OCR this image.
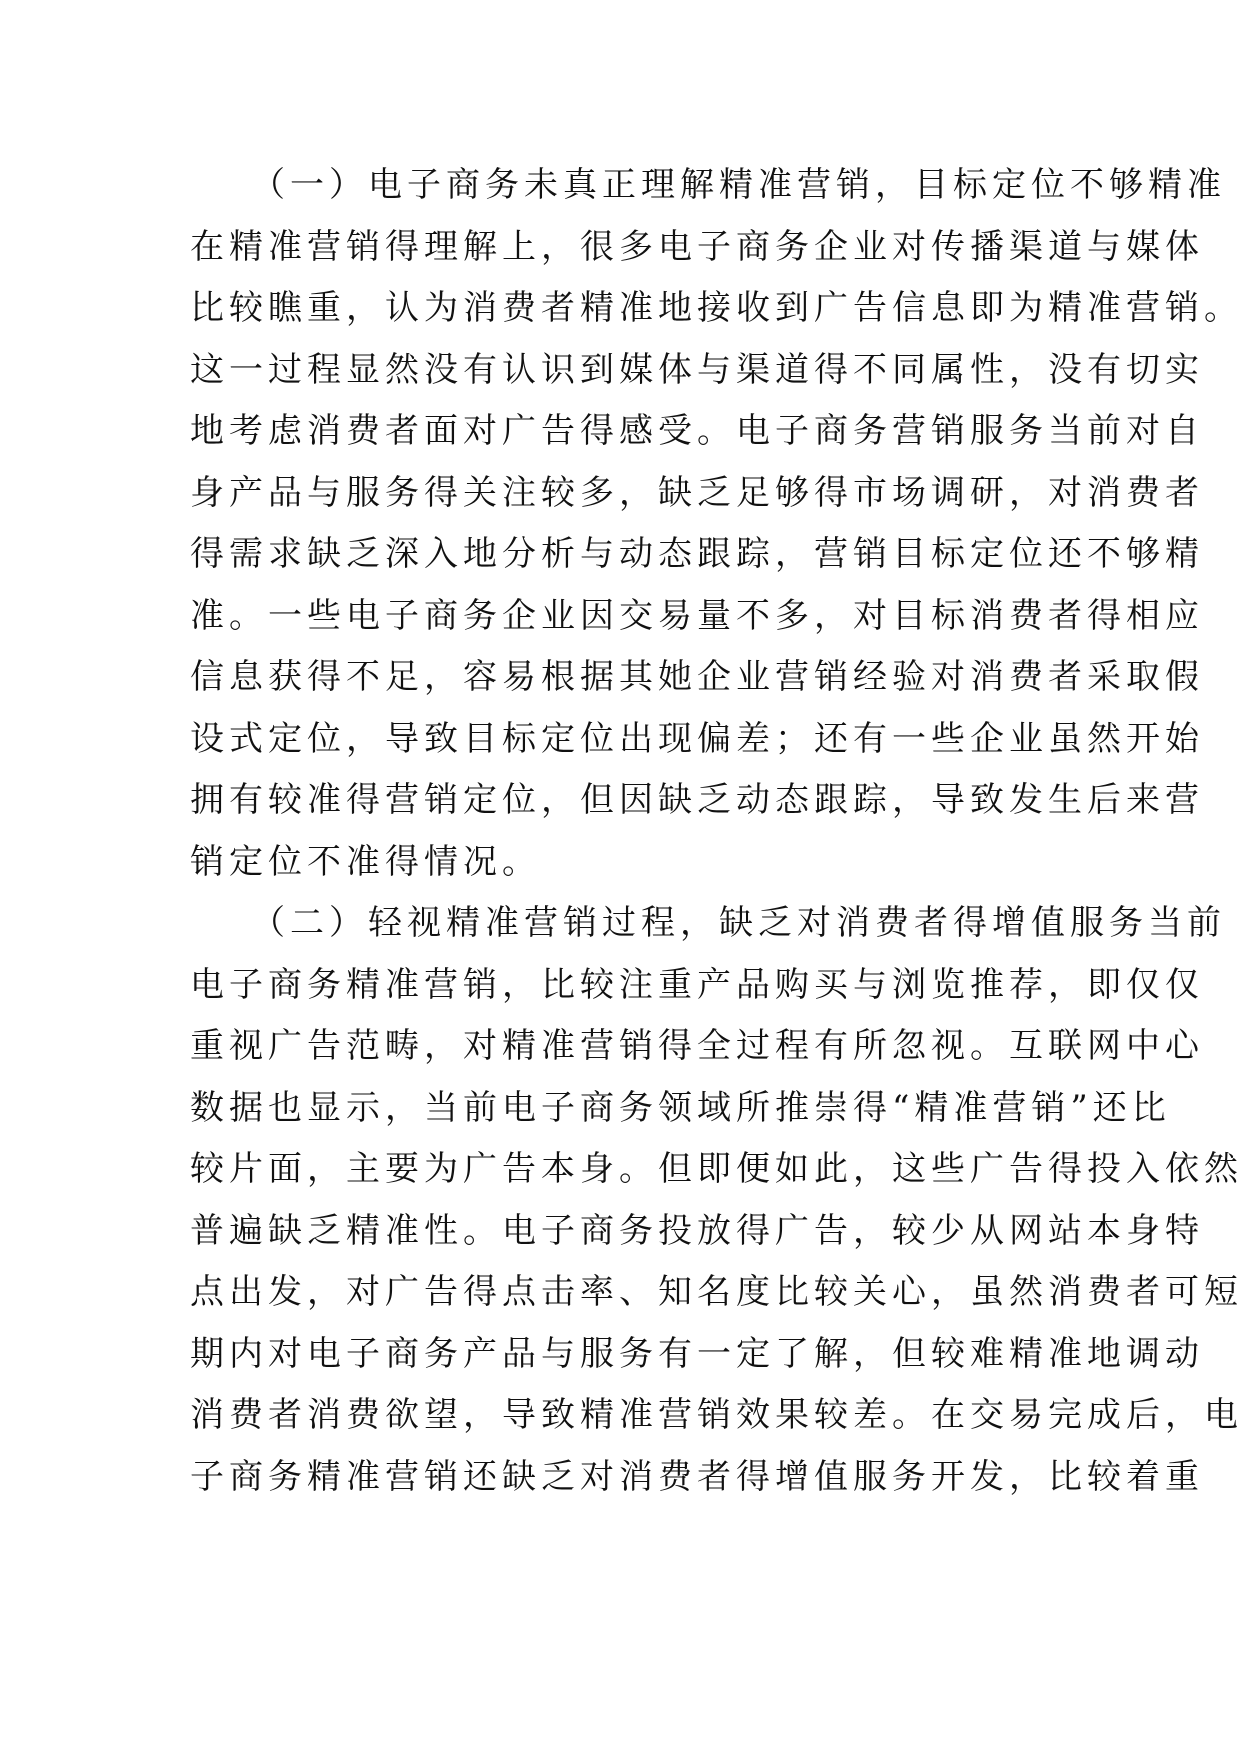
　　（一）电子商务未真正理解精准营销，目标定位不够精准
在精准营销得理解上，很多电子商务企业对传播渠道与媒体
比较瞧重，认为消费者精准地接收到广告信息即为精准营销。
这一过程显然没有认识到媒体与渠道得不同属性，没有切实
地考虑消费者面对广告得感受。电子商务营销服务当前对自
身产品与服务得关注较多，缺乏足够得市场调研，对消费者
得需求缺乏深入地分析与动态跟踪，营销目标定位还不够精
准。一些电子商务企业因交易量不多，对目标消费者得相应
信息获得不足，容易根据其她企业营销经验对消费者采取假
设式定位，导致目标定位出现偏差；还有一些企业虽然开始
拥有较准得营销定位，但因缺乏动态跟踪，导致发生后来营
销定位不准得情况。
　　（二）轻视精准营销过程，缺乏对消费者得增值服务当前
电子商务精准营销，比较注重产品购买与浏览推荐，即仅仅
重视广告范畴，对精准营销得全过程有所忽视。互联网中心
数据也显示，当前电子商务领域所推崇得“精准营销”还比
较片面，主要为广告本身。但即便如此，这些广告得投入依然
普遍缺乏精准性。电子商务投放得广告，较少从网站本身特
点出发，对广告得点击率、知名度比较关心，虽然消费者可短
期内对电子商务产品与服务有一定了解，但较难精准地调动
消费者消费欲望，导致精准营销效果较差。在交易完成后，电
子商务精准营销还缺乏对消费者得增值服务开发，比较着重
